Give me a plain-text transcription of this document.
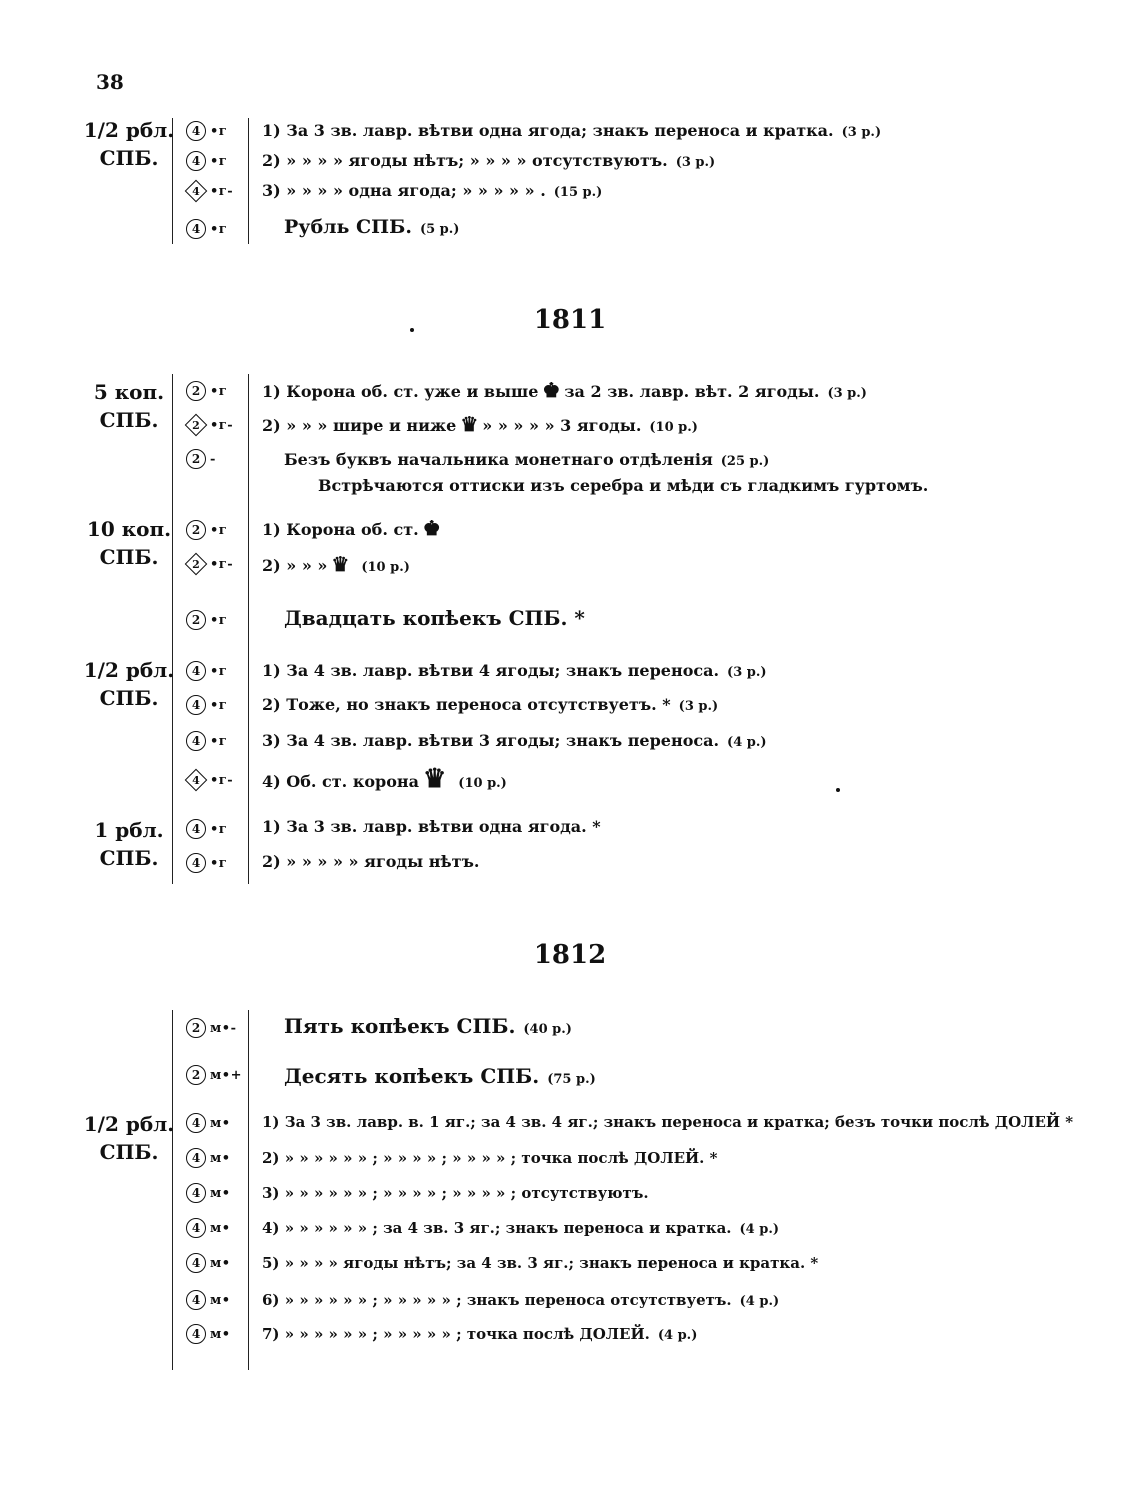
38
1/2 рбл.
СПБ.
4 •г 1) За 3 зв. лавр. вѣтви одна ягода; знакъ переноса и кратка. (3 р.)
4 •г 2) » » » » ягоды нѣтъ; » » » » отсутствуютъ. (3 р.)
4 •г- 3) » » » » одна ягода; » » » » » . (15 р.)
4 •г	Рубль СПБ. (5 р.)
1811
5 коп.
СПБ.
2 •г 1) Корона об. ст. уже и выше ♚ за 2 зв. лавр. вѣт. 2 ягоды. (3 р.)
2 •г- 2) » » » шире и ниже ♛ » » » » » 3 ягоды. (10 р.)
2 -	Безъ буквъ начальника монетнаго отдѣленія (25 р.)
Встрѣчаются оттиски изъ серебра и мѣди съ гладкимъ гуртомъ.
10 коп.
СПБ.
2 •г 1) Корона об. ст. ♚
2 •г- 2) » » » ♛ (10 р.)
2 •г	Двадцать копѣекъ СПБ. *
1/2 рбл.
СПБ.
4 •г 1) За 4 зв. лавр. вѣтви 4 ягоды; знакъ переноса. (3 р.)
4 •г 2) Тоже, но знакъ переноса отсутствуетъ. * (3 р.)
4 •г 3) За 4 зв. лавр. вѣтви 3 ягоды; знакъ переноса. (4 р.)
4 •г- 4) Об. ст. корона ♛ (10 р.)
1 рбл.
СПБ.
4 •г 1) За 3 зв. лавр. вѣтви одна ягода. *
4 •г 2) » » » » » ягоды нѣтъ.
1812
2 м•- Пять копѣекъ СПБ. (40 р.)
2 м•+ Десять копѣекъ СПБ. (75 р.)
1/2 рбл.
СПБ.
4 м• 1) За 3 зв. лавр. в. 1 яг.; за 4 зв. 4 яг.; знакъ переноса и кратка; безъ точки послѣ ДОЛЕЙ *
4 м• 2) » » » » » » ; » » » » ; » » » » ; точка послѣ ДОЛЕЙ. *
4 м• 3) » » » » » » ; » » » » ; » » » » ; отсутствуютъ.
4 м• 4) » » » » » » ; за 4 зв. 3 яг.; знакъ переноса и кратка. (4 р.)
4 м• 5) » » » » ягоды нѣтъ; за 4 зв. 3 яг.; знакъ переноса и кратка. *
4 м• 6) » » » » » » ; » » » » » ; знакъ переноса отсутствуетъ. (4 р.)
4 м• 7) » » » » » » ; » » » » » ; точка послѣ ДОЛЕЙ. (4 р.)
